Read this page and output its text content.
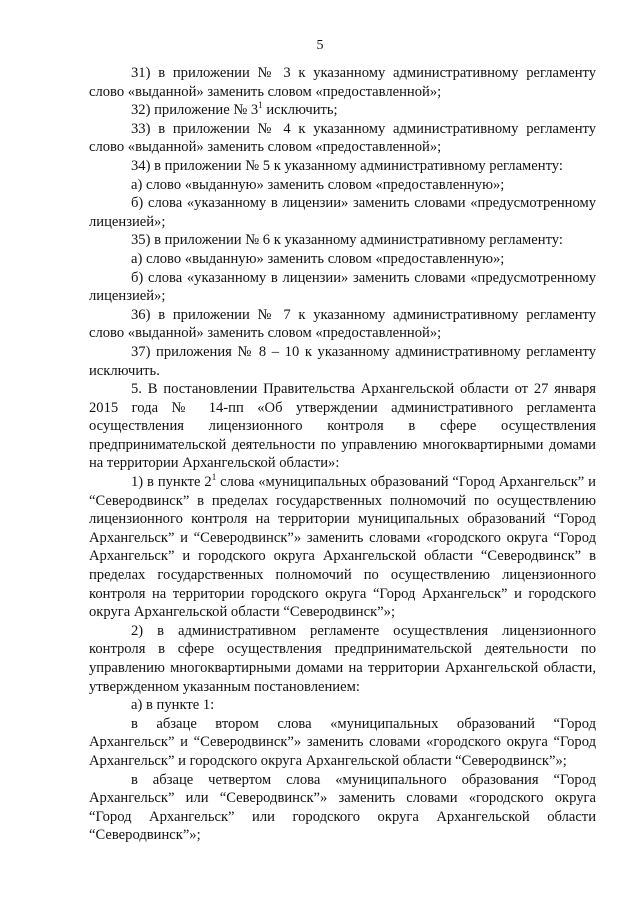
5

31) в приложении № 3 к указанному административному регламенту слово «выданной» заменить словом «предоставленной»;

32) приложение № $3^1$ исключить;

33) в приложении № 4 к указанному административному регламенту слово «выданной» заменить словом «предоставленной»;

34) в приложении № 5 к указанному административному регламенту:

а) слово «выданную» заменить словом «предоставленную»;

б) слова «указанному в лицензии» заменить словами «предусмотренному лицензией»;

35) в приложении № 6 к указанному административному регламенту:

а) слово «выданную» заменить словом «предоставленную»;

б) слова «указанному в лицензии» заменить словами «предусмотренному лицензией»;

36) в приложении № 7 к указанному административному регламенту слово «выданной» заменить словом «предоставленной»;

37) приложения № 8 – 10 к указанному административному регламенту исключить.

5. В постановлении Правительства Архангельской области от 27 января 2015 года № 14-пп «Об утверждении административного регламента осуществления лицензионного контроля в сфере осуществления предпринимательской деятельности по управлению многоквартирными домами на территории Архангельской области»:

1) в пункте $2^1$ слова «муниципальных образований “Город Архангельск” и “Северодвинск” в пределах государственных полномочий по осуществлению лицензионного контроля на территории муниципальных образований “Город Архангельск” и “Северодвинск”» заменить словами «городского округа “Город Архангельск” и городского округа Архангельской области “Северодвинск” в пределах государственных полномочий по осуществлению лицензионного контроля на территории городского округа “Город Архангельск” и городского округа Архангельской области “Северодвинск”»;

2) в административном регламенте осуществления лицензионного контроля в сфере осуществления предпринимательской деятельности по управлению многоквартирными домами на территории Архангельской области, утвержденном указанным постановлением:

а) в пункте 1:

в абзаце втором слова «муниципальных образований “Город Архангельск” и “Северодвинск”» заменить словами «городского округа “Город Архангельск” и городского округа Архангельской области “Северодвинск”»;

в абзаце четвертом слова «муниципального образования “Город Архангельск” или “Северодвинск”» заменить словами «городского округа “Город Архангельск” или городского округа Архангельской области “Северодвинск”»;
